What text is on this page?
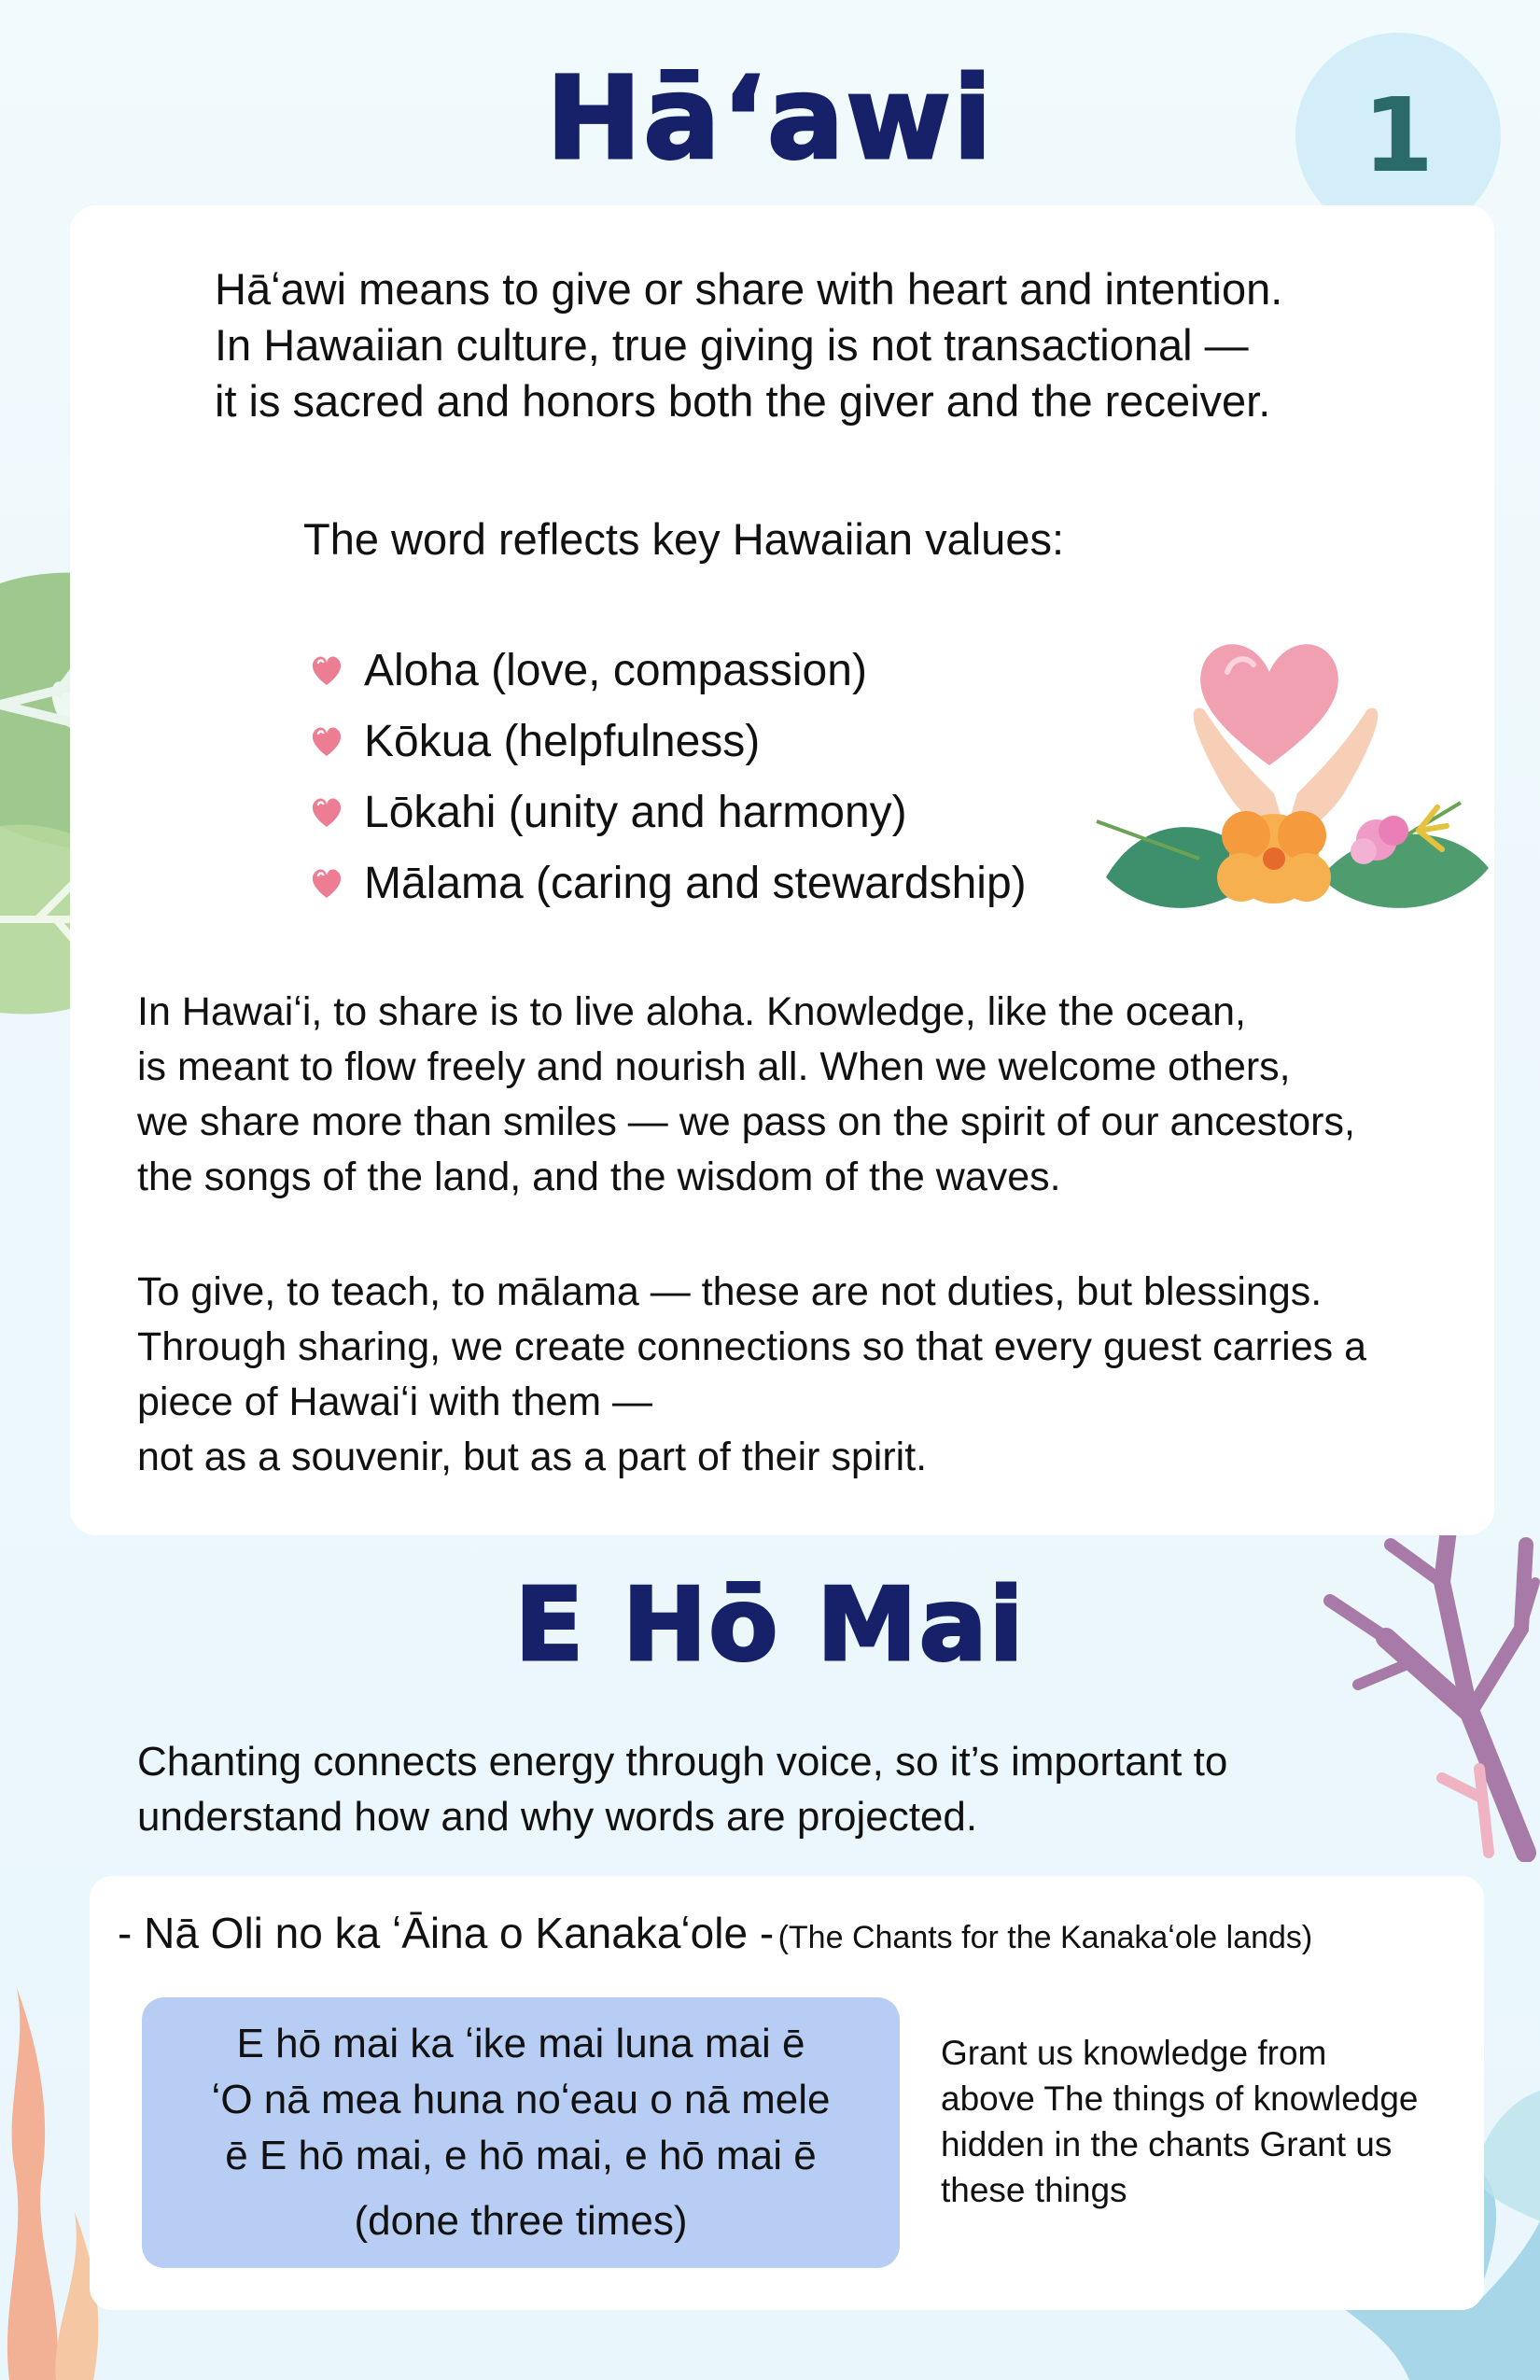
Hāʻawi	1
Hāʻawi means to give or share with heart and intention.
In Hawaiian culture, true giving is not transactional —
it is sacred and honors both the giver and the receiver.
The word reflects key Hawaiian values:
Aloha (love, compassion)
Kōkua (helpfulness)
Lōkahi (unity and harmony)
Mālama (caring and stewardship)
In Hawaiʻi, to share is to live aloha. Knowledge, like the ocean,
is meant to flow freely and nourish all. When we welcome others,
we share more than smiles — we pass on the spirit of our ancestors,
the songs of the land, and the wisdom of the waves.
To give, to teach, to mālama — these are not duties, but blessings.
Through sharing, we create connections so that every guest carries a
piece of Hawaiʻi with them —
not as a souvenir, but as a part of their spirit.
E Hō Mai
Chanting connects energy through voice, so it’s important to
understand how and why words are projected.
- Nā Oli no ka ʻĀina o Kanakaʻole - (The Chants for the Kanakaʻole lands)
E hō mai ka ʻike mai luna mai ē
ʻO nā mea huna noʻeau o nā mele
ē E hō mai, e hō mai, e hō mai ē
(done three times)
Grant us knowledge from
above The things of knowledge
hidden in the chants Grant us
these things
